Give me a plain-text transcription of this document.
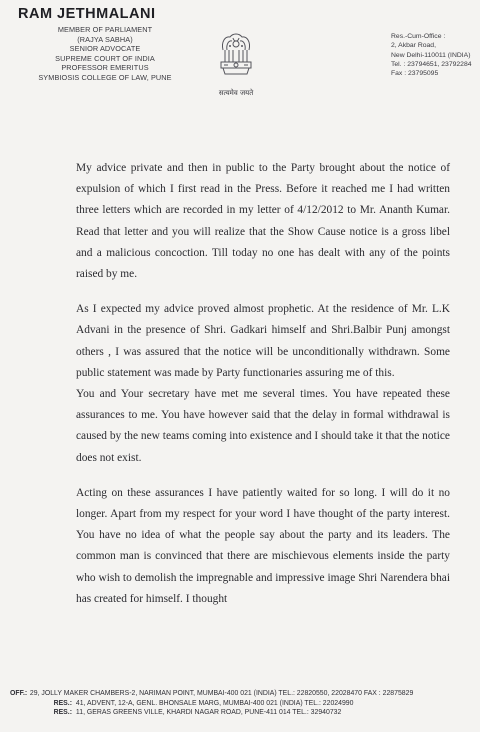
RAM JETHMALANI
MEMBER OF PARLIAMENT
(RAJYA SABHA)
SENIOR ADVOCATE
SUPREME COURT OF INDIA
PROFESSOR EMERITUS
SYMBIOSIS COLLEGE OF LAW, PUNE
सत्यमेव जयते
Res.-Cum-Office :
2, Akbar Road,
New Delhi-110011 (INDIA)
Tel. : 23794651, 23792284
Fax : 23795095

My advice private and then in public to the Party brought about the notice of expulsion of which I first read in the Press. Before it reached me I had written three letters which are recorded in my letter of 4/12/2012 to Mr. Ananth Kumar. Read that letter and you will realize that the Show Cause notice is a gross libel and a malicious concoction. Till today no one has dealt with any of the points raised by me.

As I expected my advice proved almost prophetic. At the residence of Mr. L.K Advani in the presence of Shri. Gadkari himself and Shri.Balbir Punj amongst others , I was assured that the notice will be unconditionally withdrawn. Some public statement was made by Party functionaries assuring me of this.

You and Your secretary have met me several times. You have repeated these assurances to me. You have however said that the delay in formal withdrawal is caused by the new teams coming into existence and I should take it that the notice does not exist.

Acting on these assurances I have patiently waited for so long. I will do it no longer. Apart from my respect for your word I have thought of the party interest. You have no idea of what the people say about the party and its leaders. The common man is convinced that there are mischievous elements inside the party who wish to demolish the impregnable and impressive image Shri Narendera bhai has created for himself. I thought

OFF.: 29, JOLLY MAKER CHAMBERS-2, NARIMAN POINT, MUMBAI-400 021 (INDIA) TEL.: 22820550, 22028470 FAX : 22875829
RES.: 41, ADVENT, 12-A, GENL. BHONSALE MARG, MUMBAI-400 021 (INDIA) TEL.: 22024990
RES.: 11, GERAS GREENS VILLE, KHARDI NAGAR ROAD, PUNE-411 014 TEL.: 32940732
